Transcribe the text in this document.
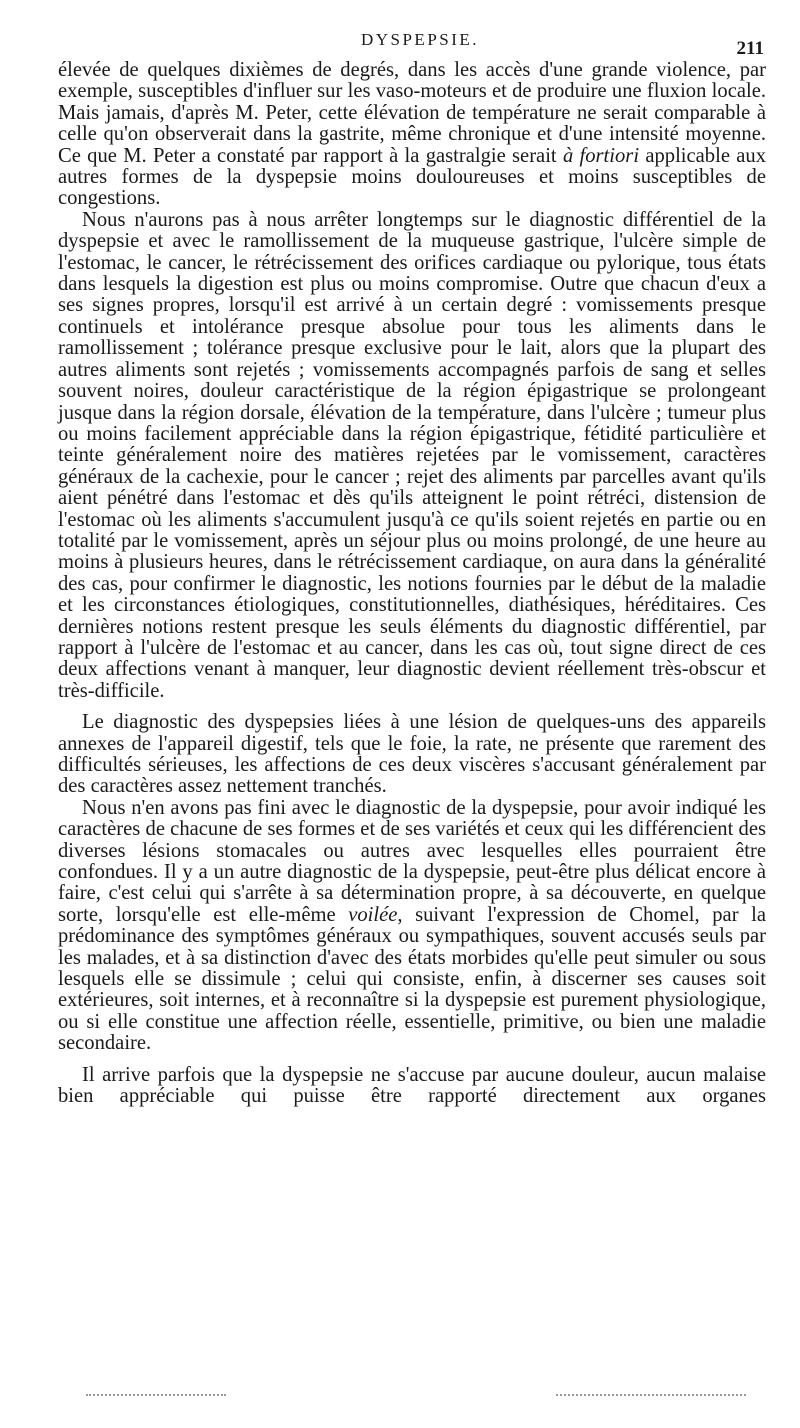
DYSPEPSIE.	211

élevée de quelques dixièmes de degrés, dans les accès d'une grande violence, par exemple, susceptibles d'influer sur les vaso-moteurs et de produire une fluxion locale. Mais jamais, d'après M. Peter, cette élévation de température ne serait comparable à celle qu'on observerait dans la gastrite, même chronique et d'une intensité moyenne. Ce que M. Peter a constaté par rapport à la gastralgie serait à fortiori applicable aux autres formes de la dyspepsie moins douloureuses et moins susceptibles de congestions.

Nous n'aurons pas à nous arrêter longtemps sur le diagnostic différentiel de la dyspepsie et avec le ramollissement de la muqueuse gastrique, l'ulcère simple de l'estomac, le cancer, le rétrécissement des orifices cardiaque ou pylorique, tous états dans lesquels la digestion est plus ou moins compromise. Outre que chacun d'eux a ses signes propres, lorsqu'il est arrivé à un certain degré : vomissements presque continuels et intolérance presque absolue pour tous les aliments dans le ramollissement ; tolérance presque exclusive pour le lait, alors que la plupart des autres aliments sont rejetés ; vomissements accompagnés parfois de sang et selles souvent noires, douleur caractéristique de la région épigastrique se prolongeant jusque dans la région dorsale, élévation de la température, dans l'ulcère ; tumeur plus ou moins facilement appréciable dans la région épigastrique, fétidité particulière et teinte généralement noire des matières rejetées par le vomissement, caractères généraux de la cachexie, pour le cancer ; rejet des aliments par parcelles avant qu'ils aient pénétré dans l'estomac et dès qu'ils atteignent le point rétréci, distension de l'estomac où les aliments s'accumulent jusqu'à ce qu'ils soient rejetés en partie ou en totalité par le vomissement, après un séjour plus ou moins prolongé, de une heure au moins à plusieurs heures, dans le rétrécissement cardiaque, on aura dans la généralité des cas, pour confirmer le diagnostic, les notions fournies par le début de la maladie et les circonstances étiologiques, constitutionnelles, diathésiques, héréditaires. Ces dernières notions restent presque les seuls éléments du diagnostic différentiel, par rapport à l'ulcère de l'estomac et au cancer, dans les cas où, tout signe direct de ces deux affections venant à manquer, leur diagnostic devient réellement très-obscur et très-difficile.

Le diagnostic des dyspepsies liées à une lésion de quelques-uns des appareils annexes de l'appareil digestif, tels que le foie, la rate, ne présente que rarement des difficultés sérieuses, les affections de ces deux viscères s'accusant généralement par des caractères assez nettement tranchés.

Nous n'en avons pas fini avec le diagnostic de la dyspepsie, pour avoir indiqué les caractères de chacune de ses formes et de ses variétés et ceux qui les différencient des diverses lésions stomacales ou autres avec lesquelles elles pourraient être confondues. Il y a un autre diagnostic de la dyspepsie, peut-être plus délicat encore à faire, c'est celui qui s'arrête à sa détermination propre, à sa découverte, en quelque sorte, lorsqu'elle est elle-même voilée, suivant l'expression de Chomel, par la prédominance des symptômes généraux ou sympathiques, souvent accusés seuls par les malades, et à sa distinction d'avec des états morbides qu'elle peut simuler ou sous lesquels elle se dissimule ; celui qui consiste, enfin, à discerner ses causes soit extérieures, soit internes, et à reconnaître si la dyspepsie est purement physiologique, ou si elle constitue une affection réelle, essentielle, primitive, ou bien une maladie secondaire.

Il arrive parfois que la dyspepsie ne s'accuse par aucune douleur, aucun malaise bien appréciable qui puisse être rapporté directement aux organes
